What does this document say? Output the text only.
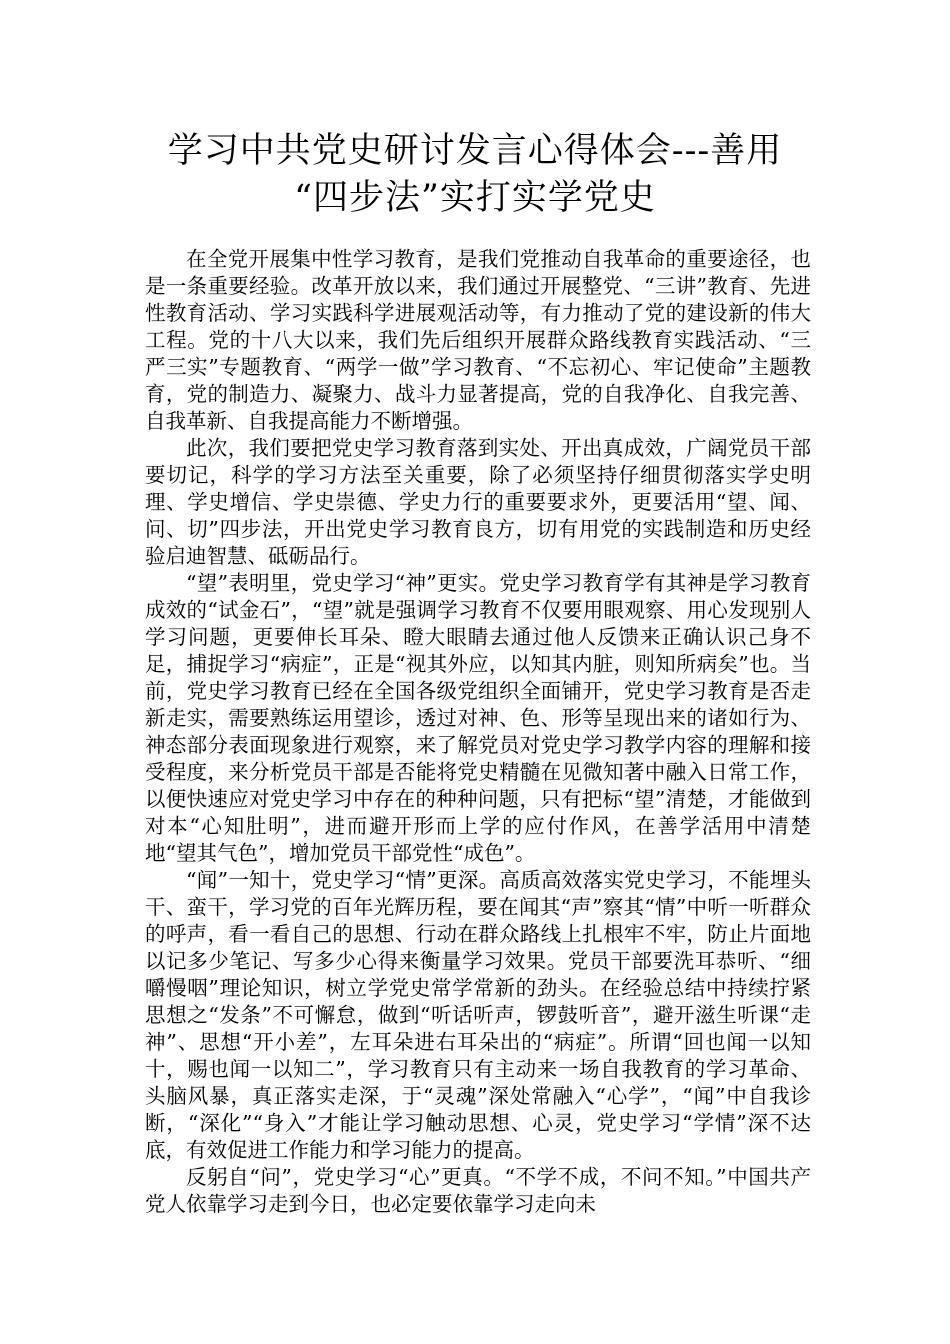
学习中共党史研讨发言心得体会---善用
“四步法”实打实学党史

在全党开展集中性学习教育，是我们党推动自我革命的重要途径，也是一条重要经验。改革开放以来，我们通过开展整党、“三讲”教育、先进性教育活动、学习实践科学进展观活动等，有力推动了党的建设新的伟大工程。党的十八大以来，我们先后组织开展群众路线教育实践活动、“三严三实”专题教育、“两学一做”学习教育、“不忘初心、牢记使命”主题教育，党的制造力、凝聚力、战斗力显著提高，党的自我净化、自我完善、自我革新、自我提高能力不断增强。

此次，我们要把党史学习教育落到实处、开出真成效，广阔党员干部要切记，科学的学习方法至关重要，除了必须坚持仔细贯彻落实学史明理、学史增信、学史崇德、学史力行的重要要求外，更要活用“望、闻、问、切”四步法，开出党史学习教育良方，切有用党的实践制造和历史经验启迪智慧、砥砺品行。

“望”表明里，党史学习“神”更实。党史学习教育学有其神是学习教育成效的“试金石”，“望”就是强调学习教育不仅要用眼观察、用心发现别人学习问题，更要伸长耳朵、瞪大眼睛去通过他人反馈来正确认识己身不足，捕捉学习“病症”，正是“视其外应，以知其内脏，则知所病矣”也。当前，党史学习教育已经在全国各级党组织全面铺开，党史学习教育是否走新走实，需要熟练运用望诊，透过对神、色、形等呈现出来的诸如行为、神态部分表面现象进行观察，来了解党员对党史学习教学内容的理解和接受程度，来分析党员干部是否能将党史精髓在见微知著中融入日常工作，以便快速应对党史学习中存在的种种问题，只有把标“望”清楚，才能做到对本“心知肚明”，进而避开形而上学的应付作风，在善学活用中清楚地“望其气色”，增加党员干部党性“成色”。

“闻”一知十，党史学习“情”更深。高质高效落实党史学习，不能埋头干、蛮干，学习党的百年光辉历程，要在闻其“声”察其“情”中听一听群众的呼声，看一看自己的思想、行动在群众路线上扎根牢不牢，防止片面地以记多少笔记、写多少心得来衡量学习效果。党员干部要洗耳恭听、“细嚼慢咽”理论知识，树立学党史常学常新的劲头。在经验总结中持续拧紧思想之“发条”不可懈怠，做到“听话听声，锣鼓听音”，避开滋生听课“走神”、思想“开小差”，左耳朵进右耳朵出的“病症”。所谓“回也闻一以知十，赐也闻一以知二”，学习教育只有主动来一场自我教育的学习革命、头脑风暴，真正落实走深，于“灵魂”深处常融入“心学”，“闻”中自我诊断，“深化”“身入”才能让学习触动思想、心灵，党史学习“学情”深不达底，有效促进工作能力和学习能力的提高。

反躬自“问”，党史学习“心”更真。“不学不成，不问不知。”中国共产党人依靠学习走到今日，也必定要依靠学习走向未
